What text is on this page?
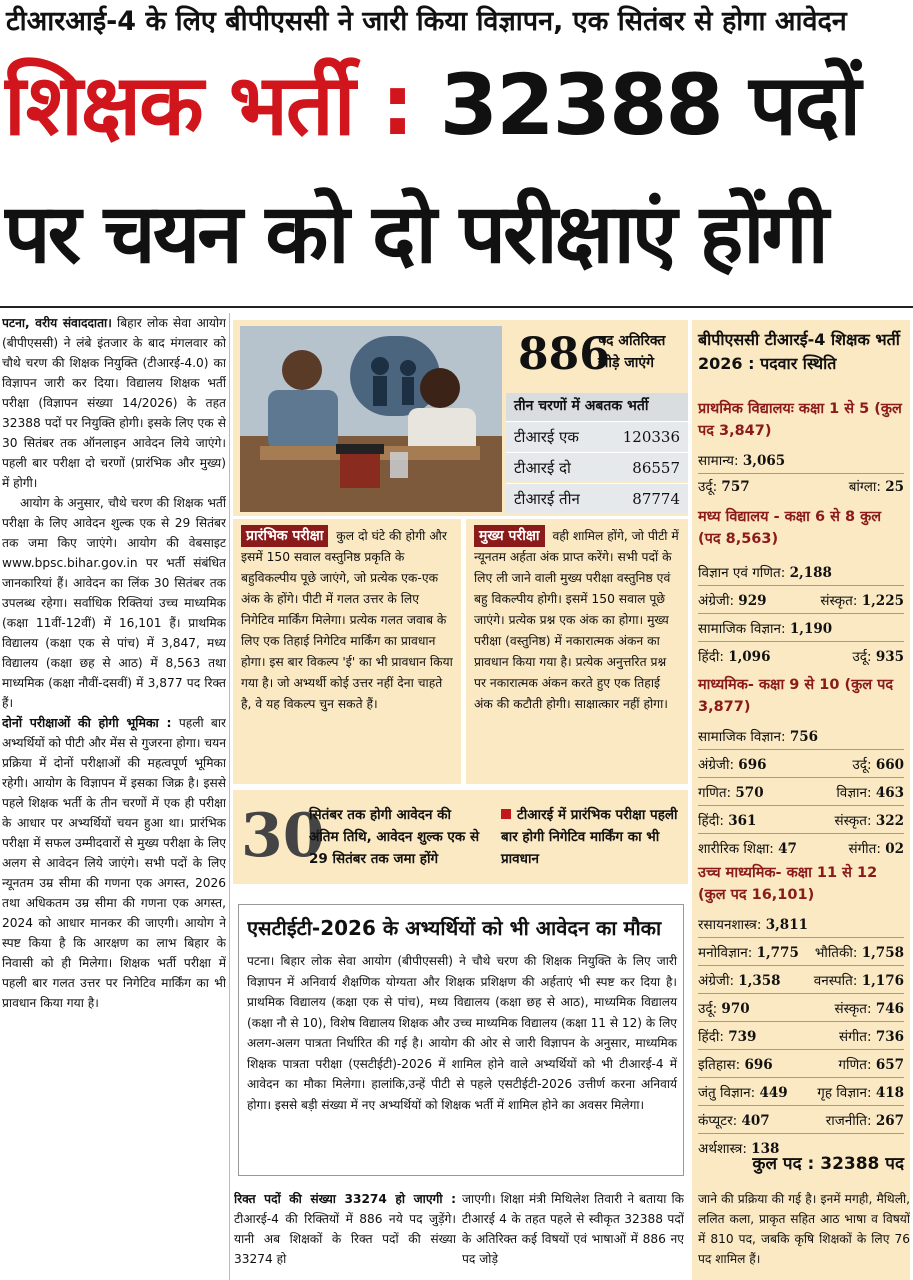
टीआरआई-4 के लिए बीपीएससी ने जारी किया विज्ञापन, एक सितंबर से होगा आवेदन
शिक्षक भर्ती : 32388 पदों
पर चयन को दो परीक्षाएं होंगी

पटना, वरीय संवाददाता। बिहार लोक सेवा आयोग (बीपीएससी) ने लंबे इंतजार के बाद मंगलवार को चौथे चरण की शिक्षक नियुक्ति (टीआरई-4.0) का विज्ञापन जारी कर दिया। विद्यालय शिक्षक भर्ती परीक्षा (विज्ञापन संख्या 14/2026) के तहत 32388 पदों पर नियुक्ति होगी। इसके लिए एक से 30 सितंबर तक ऑनलाइन आवेदन लिये जाएंगे। पहली बार परीक्षा दो चरणों (प्रारंभिक और मुख्य) में होगी।

आयोग के अनुसार, चौथे चरण की शिक्षक भर्ती परीक्षा के लिए आवेदन शुल्क एक से 29 सितंबर तक जमा किए जाएंगे। आयोग की वेबसाइट www.bpsc.bihar.gov.in पर भर्ती संबंधित जानकारियां हैं। आवेदन का लिंक 30 सितंबर तक उपलब्ध रहेगा। सर्वाधिक रिक्तियां उच्च माध्यमिक (कक्षा 11वीं-12वीं) में 16,101 हैं। प्राथमिक विद्यालय (कक्षा एक से पांच) में 3,847, मध्य विद्यालय (कक्षा छह से आठ) में 8,563 तथा माध्यमिक (कक्षा नौवीं-दसवीं) में 3,877 पद रिक्त हैं।

दोनों परीक्षाओं की होगी भूमिका : पहली बार अभ्यर्थियों को पीटी और मेंस से गुजरना होगा। चयन प्रक्रिया में दोनों परीक्षाओं की महत्वपूर्ण भूमिका रहेगी। आयोग के विज्ञापन में इसका जिक्र है। इससे पहले शिक्षक भर्ती के तीन चरणों में एक ही परीक्षा के आधार पर अभ्यर्थियों चयन हुआ था। प्रारंभिक परीक्षा में सफल उम्मीदवारों से मुख्य परीक्षा के लिए अलग से आवेदन लिये जाएंगे। सभी पदों के लिए न्यूनतम उम्र सीमा की गणना एक अगस्त, 2026 तथा अधिकतम उम्र सीमा की गणना एक अगस्त, 2024 को आधार मानकर की जाएगी। आयोग ने स्पष्ट किया है कि आरक्षण का लाभ बिहार के निवासी को ही मिलेगा। शिक्षक भर्ती परीक्षा में पहली बार गलत उत्तर पर निगेटिव मार्किंग का भी प्रावधान किया गया है।

886
पद अतिरिक्त जोड़े जाएंगे
तीन चरणों में अबतक भर्ती
टीआरई एक	120336
टीआरई दो	86557
टीआरई तीन	87774
प्रारंभिक परीक्षा कुल दो घंटे की होगी और इसमें 150 सवाल वस्तुनिष्ठ प्रकृति के बहुविकल्पीय पूछे जाएंगे, जो प्रत्येक एक-एक अंक के होंगे। पीटी में गलत उत्तर के लिए निगेटिव मार्किंग मिलेगा। प्रत्येक गलत जवाब के लिए एक तिहाई निगेटिव मार्किंग का प्रावधान होगा। इस बार विकल्प 'ई' का भी प्रावधान किया गया है। जो अभ्यर्थी कोई उत्तर नहीं देना चाहते है, वे यह विकल्प चुन सकते हैं।
मुख्य परीक्षा वही शामिल होंगे, जो पीटी में न्यूनतम अर्हता अंक प्राप्त करेंगे। सभी पदों के लिए ली जाने वाली मुख्य परीक्षा वस्तुनिष्ठ एवं बहु विकल्पीय होगी। इसमें 150 सवाल पूछे जाएंगे। प्रत्येक प्रश्न एक अंक का होगा। मुख्य परीक्षा (वस्तुनिष्ठ) में नकारात्मक अंकन का प्रावधान किया गया है। प्रत्येक अनुत्तरित प्रश्न पर नकारात्मक अंकन करते हुए एक तिहाई अंक की कटौती होगी। साक्षात्कार नहीं होगा।
30
सितंबर तक होगी आवेदन की अंतिम तिथि, आवेदन शुल्क एक से 29 सितंबर तक जमा होंगे
टीआरई में प्रारंभिक परीक्षा पहली बार होगी निगेटिव मार्किंग का भी प्रावधान
एसटीईटी-2026 के अभ्यर्थियों को भी आवेदन का मौका
पटना। बिहार लोक सेवा आयोग (बीपीएससी) ने चौथे चरण की शिक्षक नियुक्ति के लिए जारी विज्ञापन में अनिवार्य शैक्षणिक योग्यता और शिक्षक प्रशिक्षण की अर्हताएं भी स्पष्ट कर दिया है। प्राथमिक विद्यालय (कक्षा एक से पांच), मध्य विद्यालय (कक्षा छह से आठ), माध्यमिक विद्यालय (कक्षा नौ से 10), विशेष विद्यालय शिक्षक और उच्च माध्यमिक विद्यालय (कक्षा 11 से 12) के लिए अलग-अलग पात्रता निर्धारित की गई है। आयोग की ओर से जारी विज्ञापन के अनुसार, माध्यमिक शिक्षक पात्रता परीक्षा (एसटीईटी)-2026 में शामिल होने वाले अभ्यर्थियों को भी टीआरई-4 में आवेदन का मौका मिलेगा। हालांकि,उन्हें पीटी से पहले एसटीईटी-2026 उत्तीर्ण करना अनिवार्य होगा। इससे बड़ी संख्या में नए अभ्यर्थियों को शिक्षक भर्ती में शामिल होने का अवसर मिलेगा।
रिक्त पदों की संख्या 33274 हो जाएगी : टीआरई-4 की रिक्तियों में 886 नये पद जुड़ेंगे। यानी अब शिक्षकों के रिक्त पदों की संख्या 33274 हो
जाएगी। शिक्षा मंत्री मिथिलेश तिवारी ने बताया कि टीआरई 4 के तहत पहले से स्वीकृत 32388 पदों के अतिरिक्त कई विषयों एवं भाषाओं में 886 नए पद जोड़े
बीपीएससी टीआरई-4 शिक्षक भर्ती 2026 : पदवार स्थिति
प्राथमिक विद्यालयः कक्षा 1 से 5 (कुल पद 3,847)
सामान्य: 3,065
उर्दू: 757	बांग्ला: 25
मध्य विद्यालय - कक्षा 6 से 8 कुल (पद 8,563)
विज्ञान एवं गणित: 2,188
अंग्रेजी: 929	संस्कृत: 1,225
सामाजिक विज्ञान: 1,190
हिंदी: 1,096	उर्दू: 935
माध्यमिक- कक्षा 9 से 10 (कुल पद 3,877)
सामाजिक विज्ञान: 756
अंग्रेजी: 696	उर्दू: 660
गणित: 570	विज्ञान: 463
हिंदी: 361	संस्कृत: 322
शारीरिक शिक्षा: 47	संगीत: 02
उच्च माध्यमिक- कक्षा 11 से 12 (कुल पद 16,101)
रसायनशास्त्र: 3,811
मनोविज्ञान: 1,775 भौतिकी: 1,758
अंग्रेजी: 1,358 वनस्पति: 1,176
उर्दू: 970	संस्कृत: 746
हिंदी: 739	संगीत: 736
इतिहास: 696	गणित: 657
जंतु विज्ञान: 449 गृह विज्ञान: 418
कंप्यूटर: 407	राजनीति: 267
अर्थशास्त्र: 138
कुल पद : 32388 पद
जाने की प्रक्रिया की गई है। इनमें मगही, मैथिली, ललित कला, प्राकृत सहित आठ भाषा व विषयों में 810 पद, जबकि कृषि शिक्षकों के लिए 76 पद शामिल हैं।
